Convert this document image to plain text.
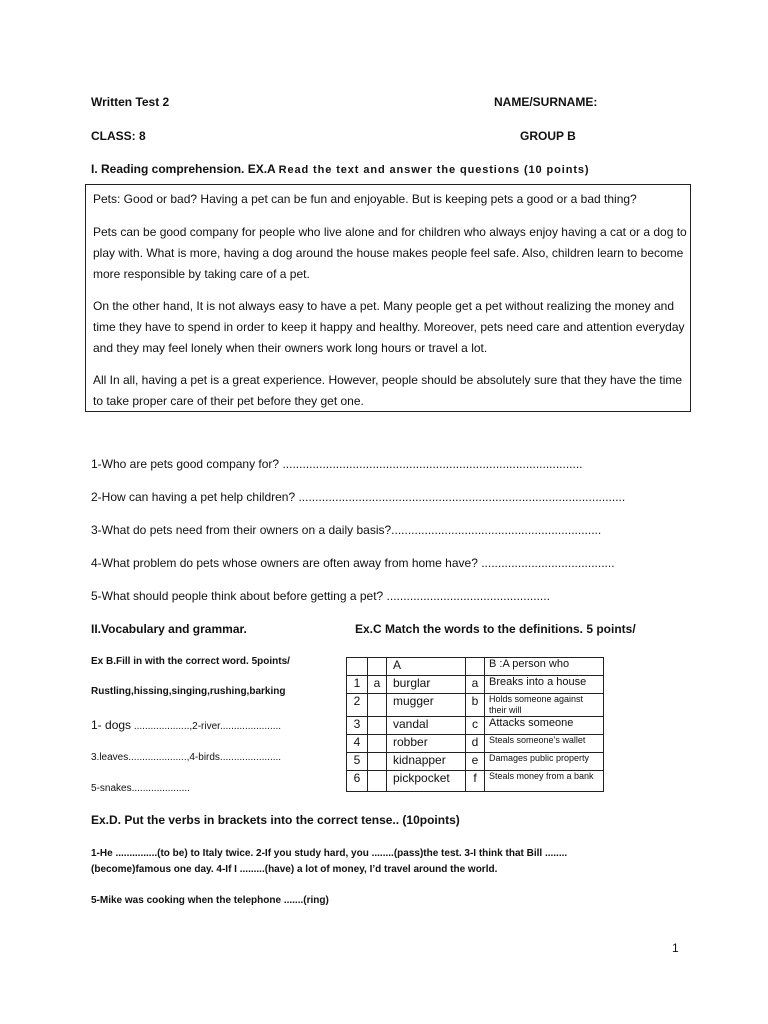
Written Test 2	NAME/SURNAME:
CLASS: 8	GROUP B
I. Reading comprehension. EX.A Read the text and answer the questions (10 points)
Pets: Good or bad? Having a pet can be fun and enjoyable. But is keeping pets a good or a bad thing?
Pets can be good company for people who live alone and for children who always enjoy having a cat or a dog to play with. What is more, having a dog around the house makes people feel safe. Also, children learn to become more responsible by taking care of a pet.
On the other hand, It is not always easy to have a pet. Many people get a pet without realizing the money and time they have to spend in order to keep it happy and healthy. Moreover, pets need care and attention everyday and they may feel lonely when their owners work long hours or travel a lot.
All In all, having a pet is a great experience. However, people should be absolutely sure that they have the time to take proper care of their pet before they get one.
1-Who are pets good company for? ..........................................................................................
2-How can having a pet help children? ..................................................................................................
3-What do pets need from their owners on a daily basis?...............................................................
4-What problem do pets whose owners are often away from home have? ........................................
5-What should people think about before getting a pet? .................................................
II.Vocabulary and grammar.	Ex.C Match the words to the definitions. 5 points/
Ex B.Fill in with the correct word. 5points/
Rustling,hissing,singing,rushing,barking
1- dogs ....................,2-river......................
3.leaves.....................,4-birds......................
5-snakes.....................
		A		B :A person who
1	a	burglar	a	Breaks into a house
2		mugger	b	Holds someone against their will
3		vandal	c	Attacks someone
4		robber	d	Steals someone’s wallet
5		kidnapper	e	Damages public property
6		pickpocket	f	Steals money from a bank
Ex.D. Put the verbs in brackets into the correct tense.. (10points)
1-He ...............(to be) to Italy twice. 2-If you study hard, you ........(pass)the test. 3-I think that Bill ........
(become)famous one day. 4-If I .........(have) a lot of money, I’d travel around the world.
5-Mike was cooking when the telephone .......(ring)
1
